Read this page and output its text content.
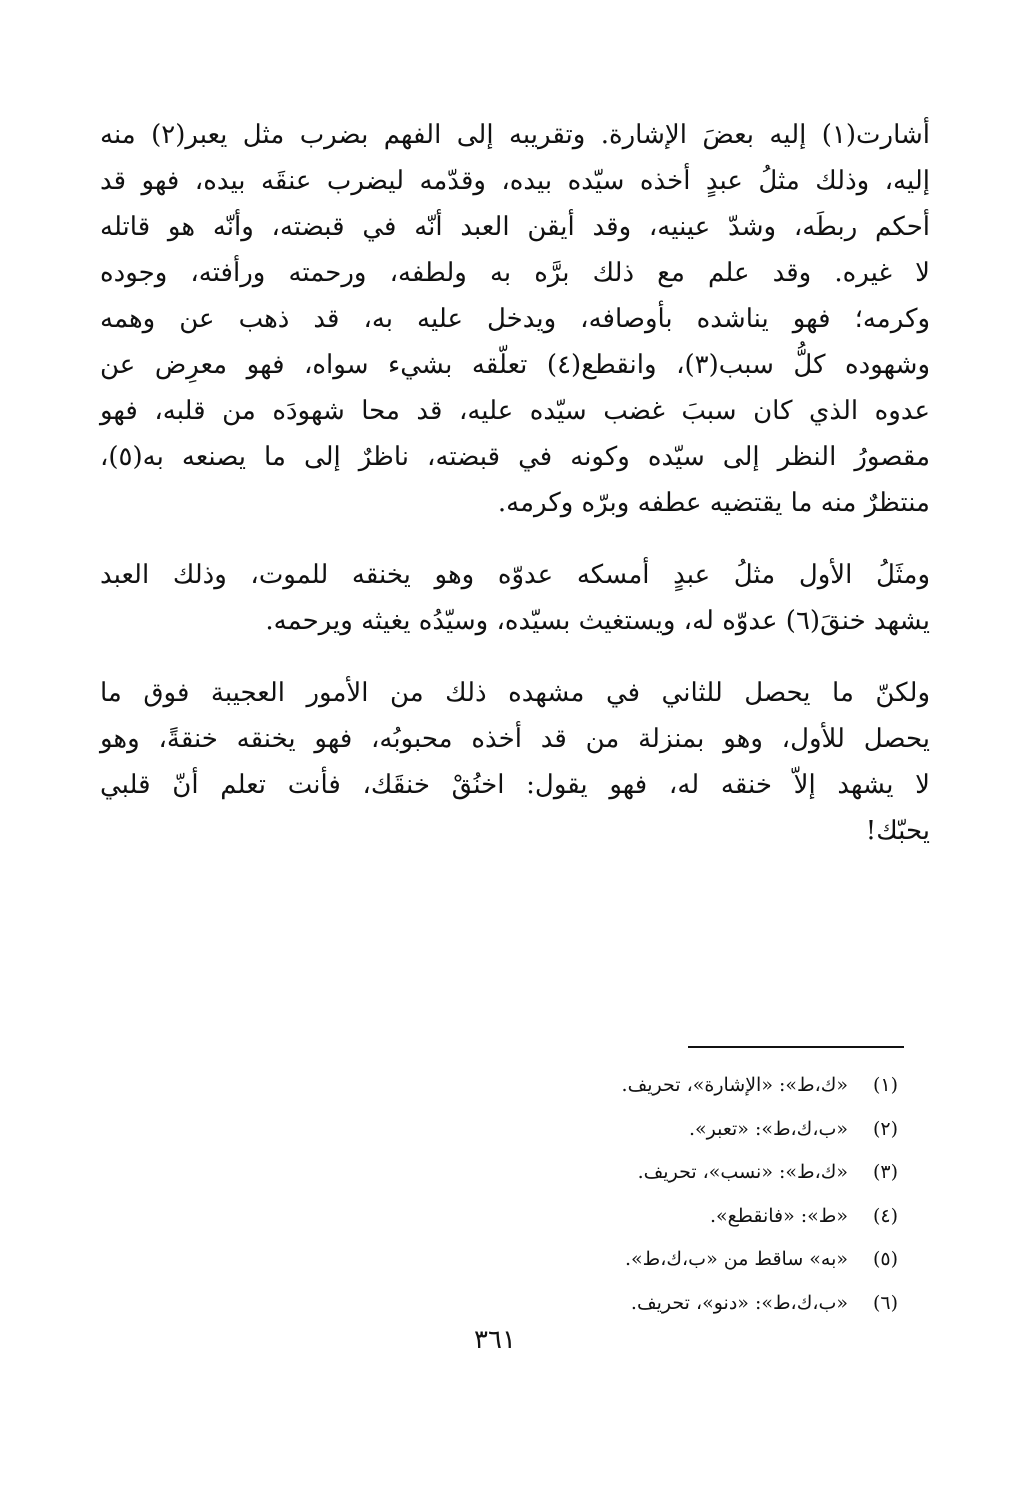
أشارت(١) إليه بعضَ الإشارة. وتقريبه إلى الفهم بضرب مثل يعبر(٢) منه
إليه، وذلك مثلُ عبدٍ أخذه سيّده بيده، وقدّمه ليضرب عنقَه بيده، فهو قد
أحكم ربطَه، وشدّ عينيه، وقد أيقن العبد أنّه في قبضته، وأنّه هو قاتله
لا غيره. وقد علم مع ذلك برَّه به ولطفه، ورحمته ورأفته، وجوده
وكرمه؛ فهو يناشده بأوصافه، ويدخل عليه به، قد ذهب عن وهمه
وشهوده كلُّ سبب(٣)، وانقطع(٤) تعلّقه بشيء سواه، فهو معرِض عن
عدوه الذي كان سببَ غضب سيّده عليه، قد محا شهودَه من قلبه، فهو
مقصورُ النظر إلى سيّده وكونه في قبضته، ناظرٌ إلى ما يصنعه به(٥)،
منتظرٌ منه ما يقتضيه عطفه وبرّه وكرمه.

ومثَلُ الأول مثلُ عبدٍ أمسكه عدوّه وهو يخنقه للموت، وذلك العبد
يشهد خنقَ(٦) عدوّه له، ويستغيث بسيّده، وسيّدُه يغيثه ويرحمه.

ولكنّ ما يحصل للثاني في مشهده ذلك من الأمور العجيبة فوق ما
يحصل للأول، وهو بمنزلة من قد أخذه محبوبُه، فهو يخنقه خنقةً، وهو
لا يشهد إلاّ خنقه له، فهو يقول: اخنُقْ خنقَك، فأنت تعلم أنّ قلبي
يحبّك!

(١)
«ك،ط»: «الإشارة»، تحريف.
(٢)
«ب،ك،ط»: «تعبر».
(٣)
«ك،ط»: «نسب»، تحريف.
(٤)
«ط»: «فانقطع».
(٥)
«به» ساقط من «ب،ك،ط».
(٦)
«ب،ك،ط»: «دنو»، تحريف.
٣٦١
